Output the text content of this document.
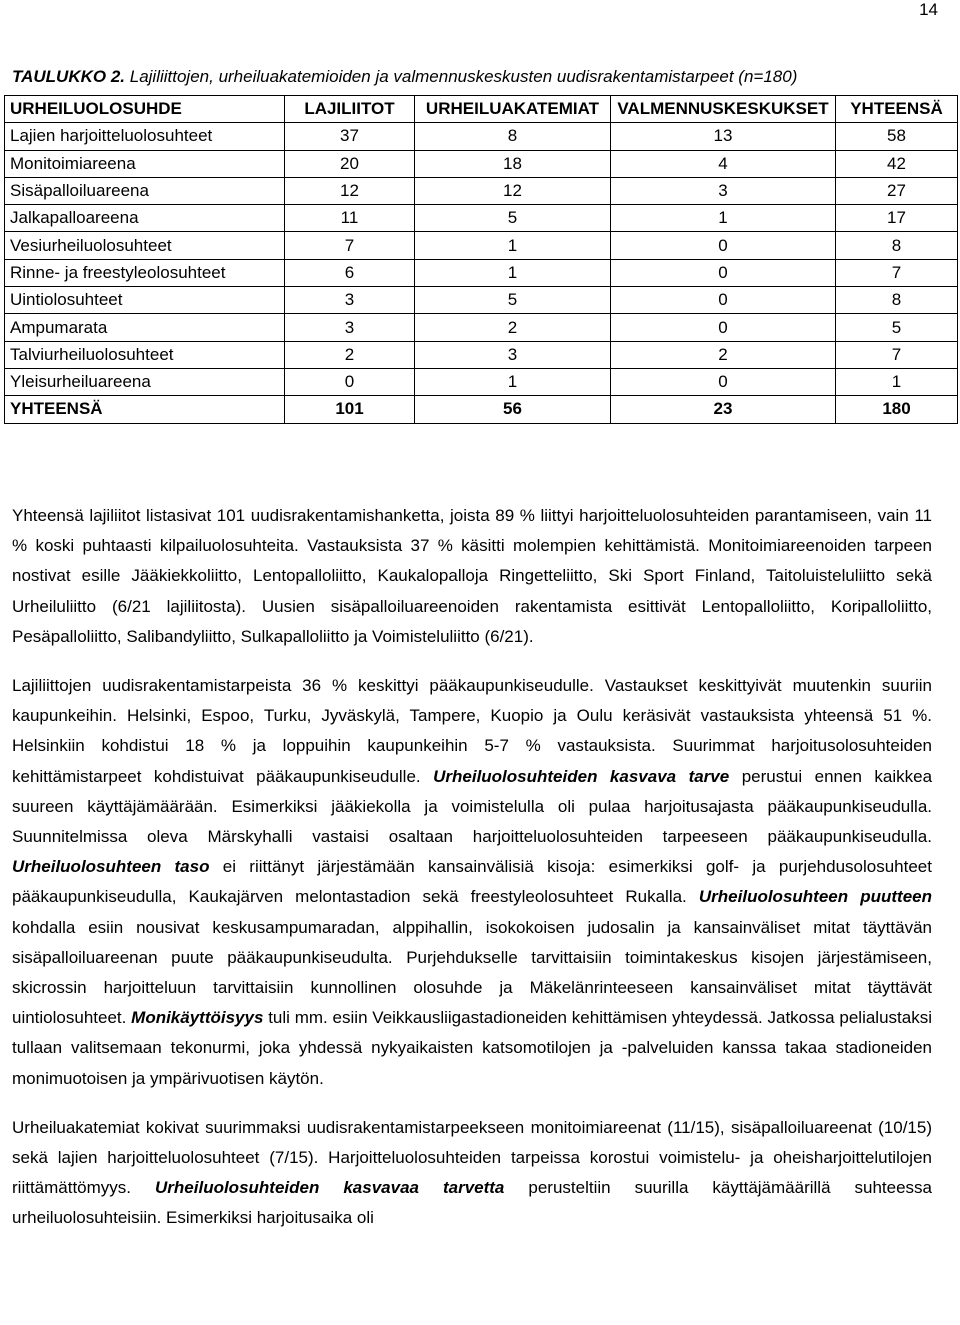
14
TAULUKKO 2. Lajiliittojen, urheiluakatemioiden ja valmennuskeskusten uudisrakentamistarpeet (n=180)
URHEILUOLOSUHDE	LAJILIITOT	URHEILUAKATEMIAT	VALMENNUSKESKUKSET	YHTEENSÄ
Lajien harjoitteluolosuhteet	37	8	13	58
Monitoimiareena	20	18	4	42
Sisäpalloiluareena	12	12	3	27
Jalkapalloareena	11	5	1	17
Vesiurheiluolosuhteet	7	1	0	8
Rinne- ja freestyleolosuhteet	6	1	0	7
Uintiolosuhteet	3	5	0	8
Ampumarata	3	2	0	5
Talviurheiluolosuhteet	2	3	2	7
Yleisurheiluareena	0	1	0	1
YHTEENSÄ	101	56	23	180

Yhteensä lajiliitot listasivat 101 uudisrakentamishanketta, joista 89 % liittyi harjoitteluolosuhteiden parantamiseen, vain 11 % koski puhtaasti kilpailuolosuhteita. Vastauksista 37 % käsitti molempien kehittämistä. Monitoimiareenoiden tarpeen nostivat esille Jääkiekkoliitto, Lentopalloliitto, Kaukalopalloja Ringetteliitto, Ski Sport Finland, Taitoluisteluliitto sekä Urheiluliitto (6/21 lajiliitosta). Uusien sisäpalloiluareenoiden rakentamista esittivät Lentopalloliitto, Koripalloliitto, Pesäpalloliitto, Salibandyliitto, Sulkapalloliitto ja Voimisteluliitto (6/21).

Lajiliittojen uudisrakentamistarpeista 36 % keskittyi pääkaupunkiseudulle. Vastaukset keskittyivät muutenkin suuriin kaupunkeihin. Helsinki, Espoo, Turku, Jyväskylä, Tampere, Kuopio ja Oulu keräsivät vastauksista yhteensä 51 %. Helsinkiin kohdistui 18 % ja loppuihin kaupunkeihin 5-7 % vastauksista. Suurimmat harjoitusolosuhteiden kehittämistarpeet kohdistuivat pääkaupunkiseudulle. Urheiluolosuhteiden kasvava tarve perustui ennen kaikkea suureen käyttäjämäärään. Esimerkiksi jääkiekolla ja voimistelulla oli pulaa harjoitusajasta pääkaupunkiseudulla. Suunnitelmissa oleva Märskyhalli vastaisi osaltaan harjoitteluolosuhteiden tarpeeseen pääkaupunkiseudulla. Urheiluolosuhteen taso ei riittänyt järjestämään kansainvälisiä kisoja: esimerkiksi golf- ja purjehdusolosuhteet pääkaupunkiseudulla, Kaukajärven melontastadion sekä freestyleolosuhteet Rukalla. Urheiluolosuhteen puutteen kohdalla esiin nousivat keskusampumaradan, alppihallin, isokokoisen judosalin ja kansainväliset mitat täyttävän sisäpalloiluareenan puute pääkaupunkiseudulta. Purjehdukselle tarvittaisiin toimintakeskus kisojen järjestämiseen, skicrossin harjoitteluun tarvittaisiin kunnollinen olosuhde ja Mäkelänrinteeseen kansainväliset mitat täyttävät uintiolosuhteet. Monikäyttöisyys tuli mm. esiin Veikkausliigastadioneiden kehittämisen yhteydessä. Jatkossa pelialustaksi tullaan valitsemaan tekonurmi, joka yhdessä nykyaikaisten katsomotilojen ja -palveluiden kanssa takaa stadioneiden monimuotoisen ja ympärivuotisen käytön.

Urheiluakatemiat kokivat suurimmaksi uudisrakentamistarpeekseen monitoimiareenat (11/15), sisäpalloiluareenat (10/15) sekä lajien harjoitteluolosuhteet (7/15). Harjoitteluolosuhteiden tarpeissa korostui voimistelu- ja oheisharjoittelutilojen riittämättömyys. Urheiluolosuhteiden kasvavaa tarvetta perusteltiin suurilla käyttäjämäärillä suhteessa urheiluolosuhteisiin. Esimerkiksi harjoitusaika oli
